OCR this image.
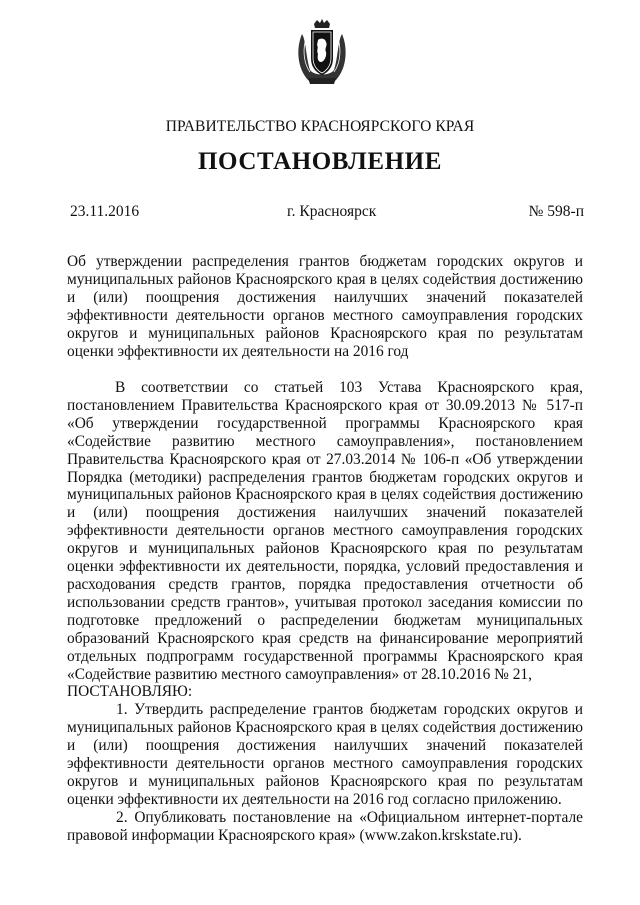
ПРАВИТЕЛЬСТВО КРАСНОЯРСКОГО КРАЯ
ПОСТАНОВЛЕНИЕ
23.11.2016	г. Красноярск	№ 598-п
Об утверждении распределения грантов бюджетам городских округов и муниципальных районов Красноярского края в целях содействия достижению и (или) поощрения достижения наилучших значений показателей эффективности деятельности органов местного самоуправления городских округов и муниципальных районов Красноярского края по результатам оценки эффективности их деятельности на 2016 год

В соответствии со статьей 103 Устава Красноярского края, постановлением Правительства Красноярского края от 30.09.2013 № 517-п «Об утверждении государственной программы Красноярского края «Содействие развитию местного самоуправления», постановлением Правительства Красноярского края от 27.03.2014 № 106-п «Об утверждении Порядка (методики) распределения грантов бюджетам городских округов и муниципальных районов Красноярского края в целях содействия достижению и (или) поощрения достижения наилучших значений показателей эффективности деятельности органов местного самоуправления городских округов и муниципальных районов Красноярского края по результатам оценки эффективности их деятельности, порядка, условий предоставления и расходования средств грантов, порядка предоставления отчетности об использовании средств грантов», учитывая протокол заседания комиссии по подготовке предложений о распределении бюджетам муниципальных образований Красноярского края средств на финансирование мероприятий отдельных подпрограмм государственной программы Красноярского края «Содействие развитию местного самоуправления» от 28.10.2016 № 21,

ПОСТАНОВЛЯЮ:

1. Утвердить распределение грантов бюджетам городских округов и муниципальных районов Красноярского края в целях содействия достижению и (или) поощрения достижения наилучших значений показателей эффективности деятельности органов местного самоуправления городских округов и муниципальных районов Красноярского края по результатам оценки эффективности их деятельности на 2016 год согласно приложению.

2. Опубликовать постановление на «Официальном интернет-портале правовой информации Красноярского края» (www.zakon.krskstate.ru).
